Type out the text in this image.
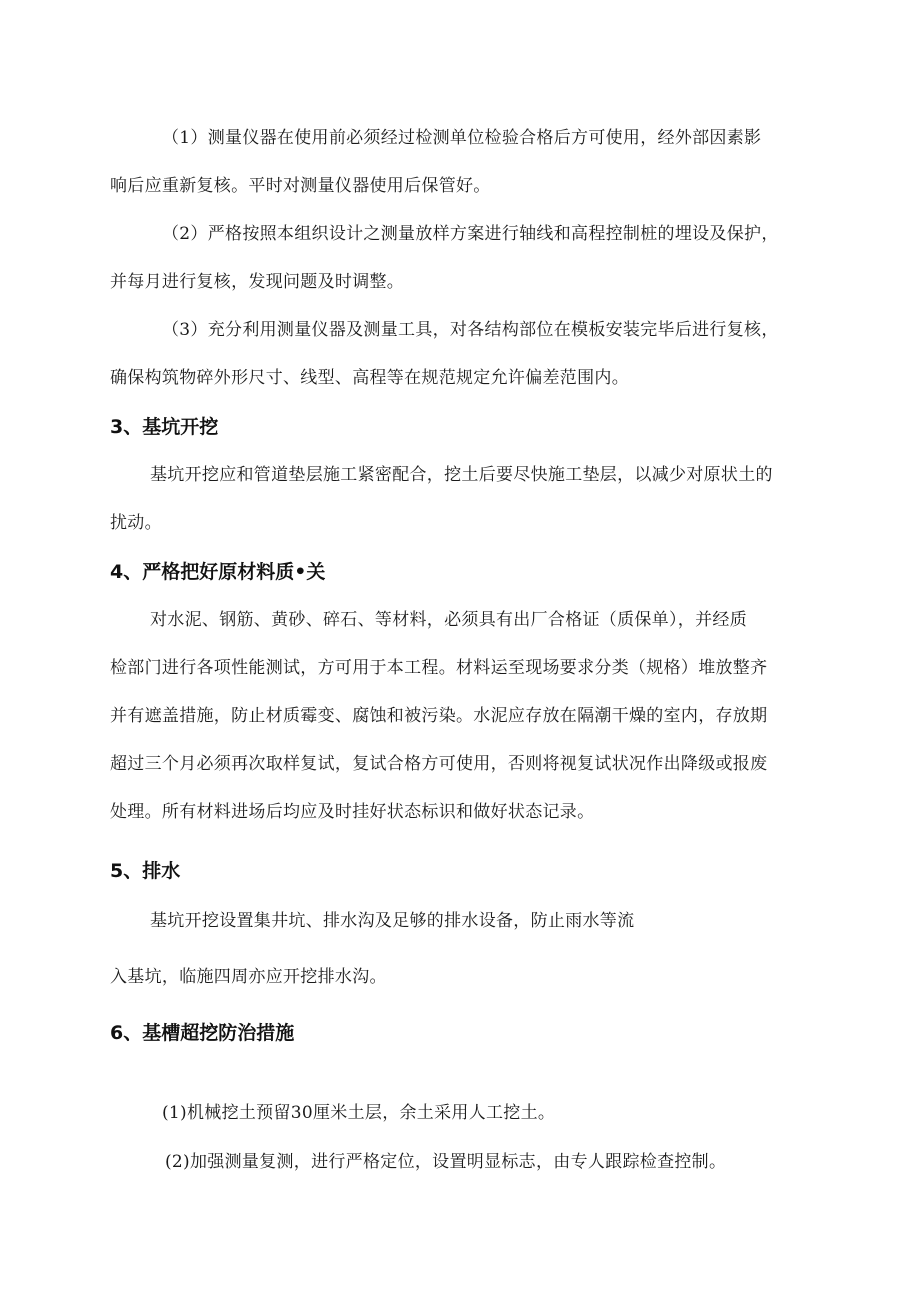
（1）测量仪器在使用前必须经过检测单位检验合格后方可使用，经外部因素影
响后应重新复核。平时对测量仪器使用后保管好。
（2）严格按照本组织设计之测量放样方案进行轴线和高程控制桩的埋设及保护，
并每月进行复核，发现问题及时调整。
（3）充分利用测量仪器及测量工具，对各结构部位在模板安装完毕后进行复核，
确保构筑物碎外形尺寸、线型、高程等在规范规定允许偏差范围内。
3、基坑开挖
基坑开挖应和管道垫层施工紧密配合，挖土后要尽快施工垫层，以减少对原状土的
扰动。
4、严格把好原材料质•关
对水泥、钢筋、黄砂、碎石、等材料，必须具有出厂合格证（质保单），并经质
检部门进行各项性能测试，方可用于本工程。材料运至现场要求分类（规格）堆放整齐
并有遮盖措施，防止材质霉变、腐蚀和被污染。水泥应存放在隔潮干燥的室内，存放期
超过三个月必须再次取样复试，复试合格方可使用，否则将视复试状况作出降级或报废
处理。所有材料进场后均应及时挂好状态标识和做好状态记录。
5、排水
基坑开挖设置集井坑、排水沟及足够的排水设备，防止雨水等流
入基坑，临施四周亦应开挖排水沟。
6、基槽超挖防治措施
(1)机械挖土预留30厘米土层，余土采用人工挖土。
(2)加强测量复测，进行严格定位，设置明显标志，由专人跟踪检查控制。
